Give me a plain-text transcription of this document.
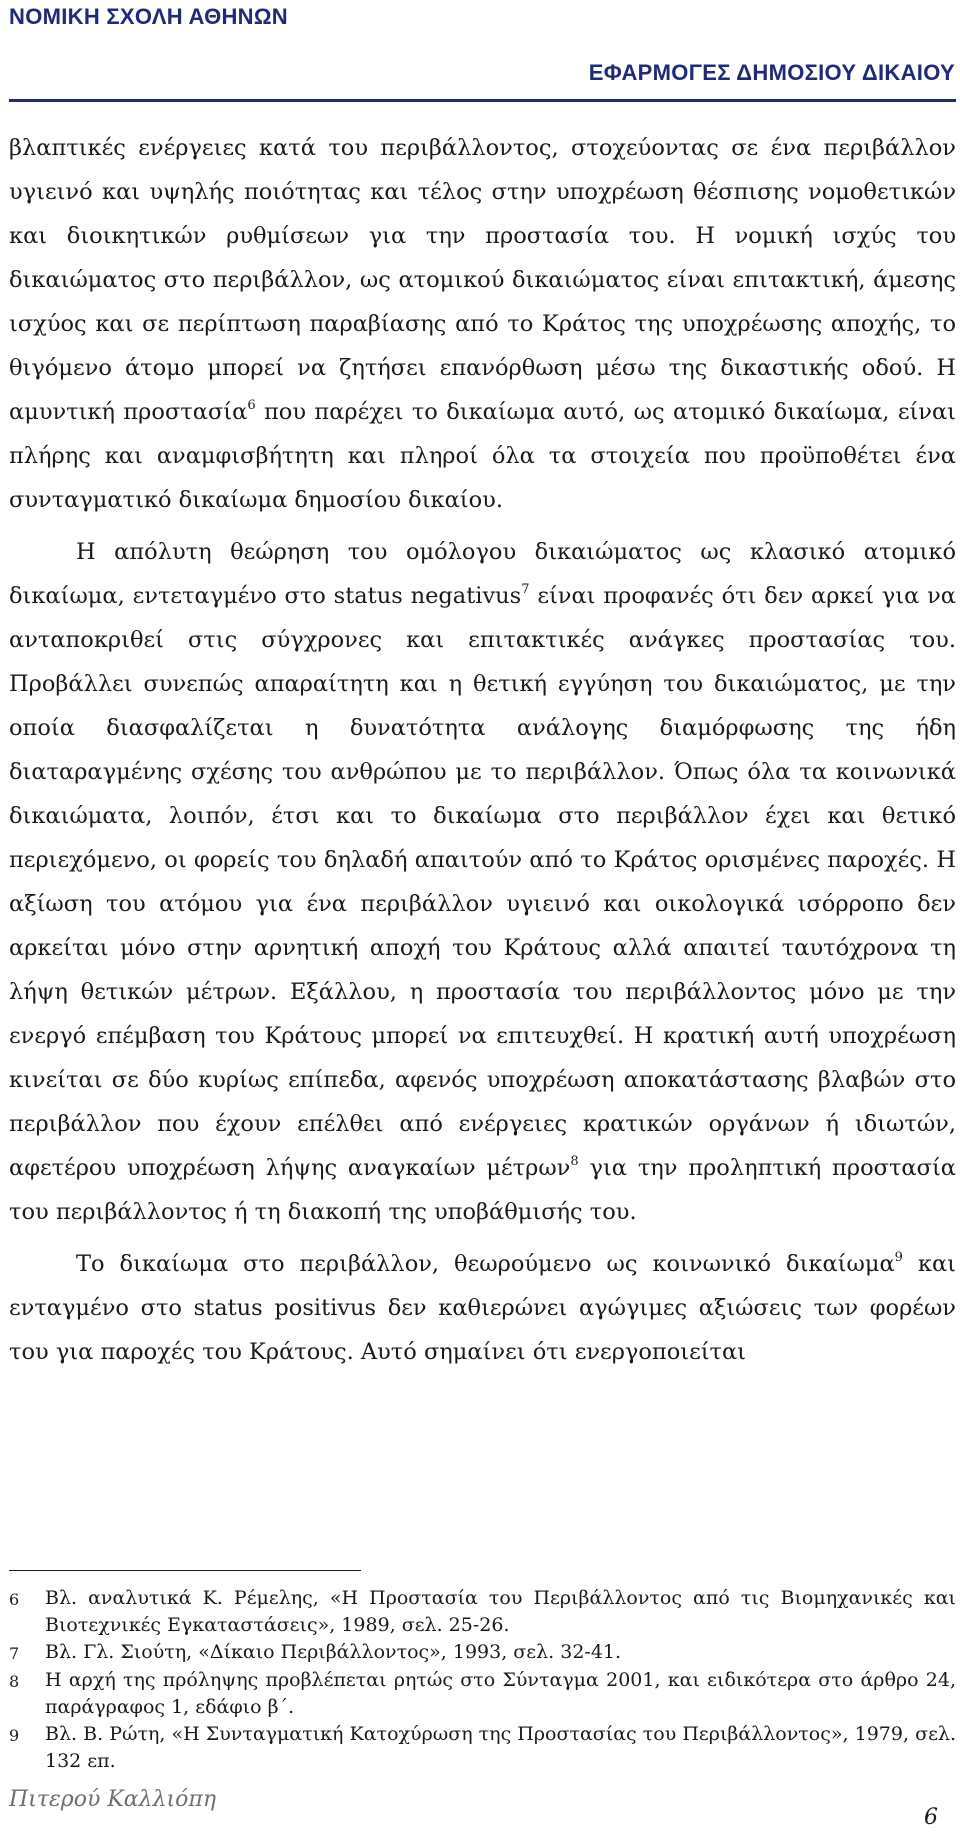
ΝΟΜΙΚΗ ΣΧΟΛΗ ΑΘΗΝΩΝ
ΕΦΑΡΜΟΓΕΣ ΔΗΜΟΣΙΟΥ ΔΙΚΑΙΟΥ

βλαπτικές ενέργειες κατά του περιβάλλοντος, στοχεύοντας σε ένα περιβάλλον υγιεινό και υψηλής ποιότητας και τέλος στην υποχρέωση θέσπισης νομοθετικών και διοικητικών ρυθμίσεων για την προστασία του. Η νομική ισχύς του δικαιώματος στο περιβάλλον, ως ατομικού δικαιώματος είναι επιτακτική, άμεσης ισχύος και σε περίπτωση παραβίασης από το Κράτος της υποχρέωσης αποχής, το θιγόμενο άτομο μπορεί να ζητήσει επανόρθωση μέσω της δικαστικής οδού. Η αμυντική προστασία$^6$ που παρέχει το δικαίωμα αυτό, ως ατομικό δικαίωμα, είναι πλήρης και αναμφισβήτητη και πληροί όλα τα στοιχεία που προϋποθέτει ένα συνταγματικό δικαίωμα δημοσίου δικαίου.

Η απόλυτη θεώρηση του ομόλογου δικαιώματος ως κλασικό ατομικό δικαίωμα, εντεταγμένο στο status negativus$^7$ είναι προφανές ότι δεν αρκεί για να ανταποκριθεί στις σύγχρονες και επιτακτικές ανάγκες προστασίας του. Προβάλλει συνεπώς απαραίτητη και η θετική εγγύηση του δικαιώματος, με την οποία διασφαλίζεται η δυνατότητα ανάλογης διαμόρφωσης της ήδη διαταραγμένης σχέσης του ανθρώπου με το περιβάλλον. Όπως όλα τα κοινωνικά δικαιώματα, λοιπόν, έτσι και το δικαίωμα στο περιβάλλον έχει και θετικό περιεχόμενο, οι φορείς του δηλαδή απαιτούν από το Κράτος ορισμένες παροχές. Η αξίωση του ατόμου για ένα περιβάλλον υγιεινό και οικολογικά ισόρροπο δεν αρκείται μόνο στην αρνητική αποχή του Κράτους αλλά απαιτεί ταυτόχρονα τη λήψη θετικών μέτρων. Εξάλλου, η προστασία του περιβάλλοντος μόνο με την ενεργό επέμβαση του Κράτους μπορεί να επιτευχθεί. Η κρατική αυτή υποχρέωση κινείται σε δύο κυρίως επίπεδα, αφενός υποχρέωση αποκατάστασης βλαβών στο περιβάλλον που έχουν επέλθει από ενέργειες κρατικών οργάνων ή ιδιωτών, αφετέρου υποχρέωση λήψης αναγκαίων μέτρων$^8$ για την προληπτική προστασία του περιβάλλοντος ή τη διακοπή της υποβάθμισής του.

Το δικαίωμα στο περιβάλλον, θεωρούμενο ως κοινωνικό δικαίωμα$^9$ και ενταγμένο στο status positivus δεν καθιερώνει αγώγιμες αξιώσεις των φορέων του για παροχές του Κράτους. Αυτό σημαίνει ότι ενεργοποιείται

6	Βλ. αναλυτικά Κ. Ρέμελης, «Η Προστασία του Περιβάλλοντος από τις Βιομηχανικές και Βιοτεχνικές Εγκαταστάσεις», 1989, σελ. 25-26.
7	Βλ. Γλ. Σιούτη, «Δίκαιο Περιβάλλοντος», 1993, σελ. 32-41.
8	Η αρχή της πρόληψης προβλέπεται ρητώς στο Σύνταγμα 2001, και ειδικότερα στο άρθρο 24, παράγραφος 1, εδάφιο β΄.
9	Βλ. Β. Ρώτη, «Η Συνταγματική Κατοχύρωση της Προστασίας του Περιβάλλοντος», 1979, σελ. 132 επ.
Πιτερού Καλλιόπη
6
